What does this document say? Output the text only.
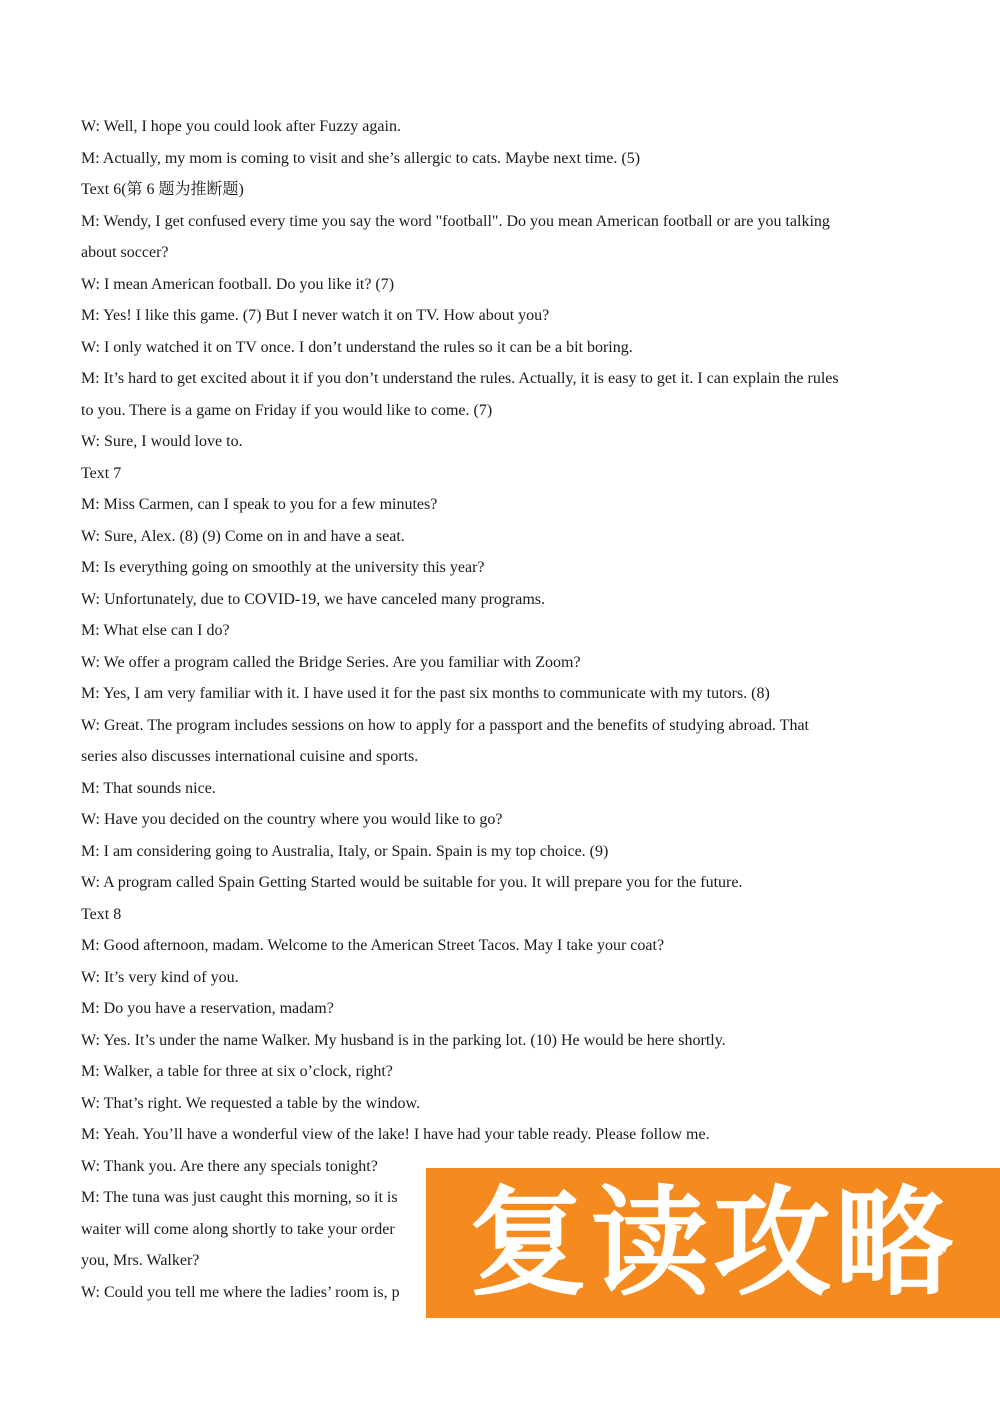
W: Well, I hope you could look after Fuzzy again.
M: Actually, my mom is coming to visit and she’s allergic to cats. Maybe next time. (5)
Text 6(第 6 题为推断题)
M: Wendy, I get confused every time you say the word "football". Do you mean American football or are you talking
about soccer?
W: I mean American football. Do you like it? (7)
M: Yes! I like this game. (7) But I never watch it on TV. How about you?
W: I only watched it on TV once. I don’t understand the rules so it can be a bit boring.
M: It’s hard to get excited about it if you don’t understand the rules. Actually, it is easy to get it. I can explain the rules
to you. There is a game on Friday if you would like to come. (7)
W: Sure, I would love to.
Text 7
M: Miss Carmen, can I speak to you for a few minutes?
W: Sure, Alex. (8) (9) Come on in and have a seat.
M: Is everything going on smoothly at the university this year?
W: Unfortunately, due to COVID-19, we have canceled many programs.
M: What else can I do?
W: We offer a program called the Bridge Series. Are you familiar with Zoom?
M: Yes, I am very familiar with it. I have used it for the past six months to communicate with my tutors. (8)
W: Great. The program includes sessions on how to apply for a passport and the benefits of studying abroad. That
series also discusses international cuisine and sports.
M: That sounds nice.
W: Have you decided on the country where you would like to go?
M: I am considering going to Australia, Italy, or Spain. Spain is my top choice. (9)
W: A program called Spain Getting Started would be suitable for you. It will prepare you for the future.
Text 8
M: Good afternoon, madam. Welcome to the American Street Tacos. May I take your coat?
W: It’s very kind of you.
M: Do you have a reservation, madam?
W: Yes. It’s under the name Walker. My husband is in the parking lot. (10) He would be here shortly.
M: Walker, a table for three at six o’clock, right?
W: That’s right. We requested a table by the window.
M: Yeah. You’ll have a wonderful view of the lake! I have had your table ready. Please follow me.
W: Thank you. Are there any specials tonight?
M: The tuna was just caught this morning, so it is
waiter will come along shortly to take your order
you, Mrs. Walker?
W: Could you tell me where the ladies’ room is, p 复读攻略
